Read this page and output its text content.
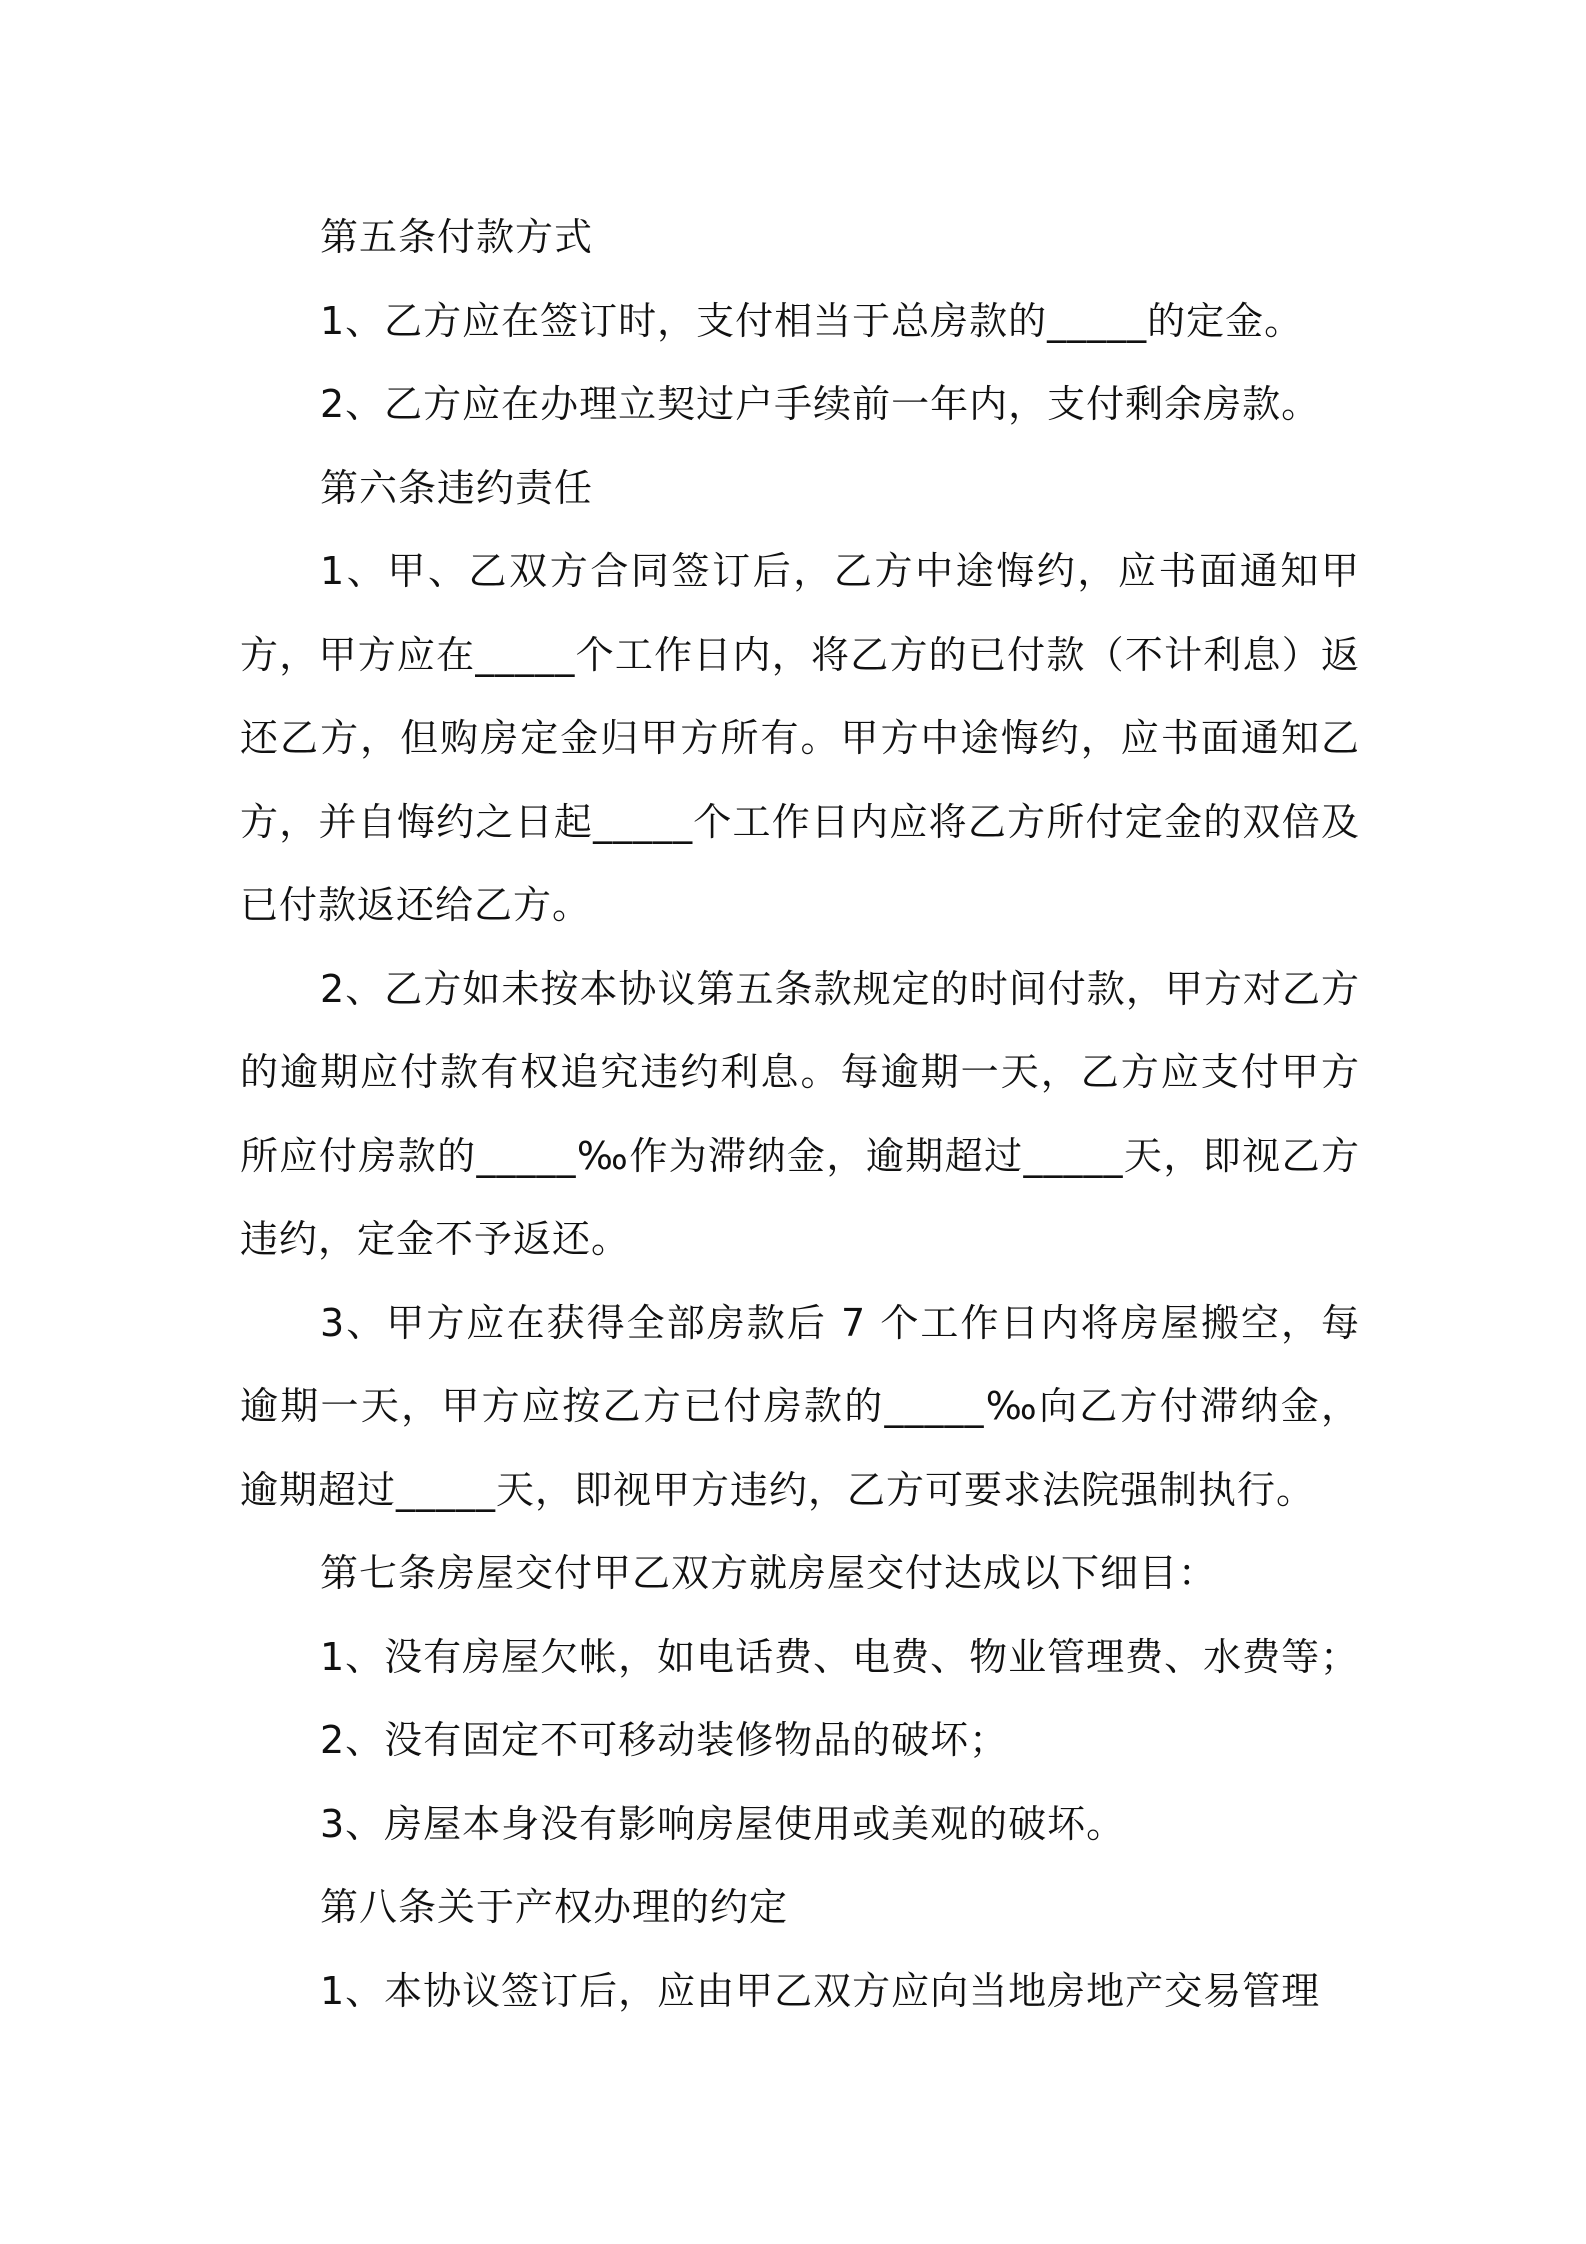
第五条付款方式

1、乙方应在签订时，支付相当于总房款的_____的定金。

2、乙方应在办理立契过户手续前一年内，支付剩余房款。

第六条违约责任

1、甲、乙双方合同签订后，乙方中途悔约，应书面通知甲方，甲方应在_____个工作日内，将乙方的已付款（不计利息）返还乙方，但购房定金归甲方所有。甲方中途悔约，应书面通知乙方，并自悔约之日起_____个工作日内应将乙方所付定金的双倍及已付款返还给乙方。

2、乙方如未按本协议第五条款规定的时间付款，甲方对乙方的逾期应付款有权追究违约利息。每逾期一天，乙方应支付甲方所应付房款的_____‰作为滞纳金，逾期超过_____天，即视乙方违约，定金不予返还。

3、甲方应在获得全部房款后 7 个工作日内将房屋搬空，每逾期一天，甲方应按乙方已付房款的_____‰向乙方付滞纳金，逾期超过_____天，即视甲方违约，乙方可要求法院强制执行。

第七条房屋交付甲乙双方就房屋交付达成以下细目：

1、没有房屋欠帐，如电话费、电费、物业管理费、水费等；

2、没有固定不可移动装修物品的破坏；

3、房屋本身没有影响房屋使用或美观的破坏。

第八条关于产权办理的约定

1、本协议签订后，应由甲乙双方应向当地房地产交易管理
